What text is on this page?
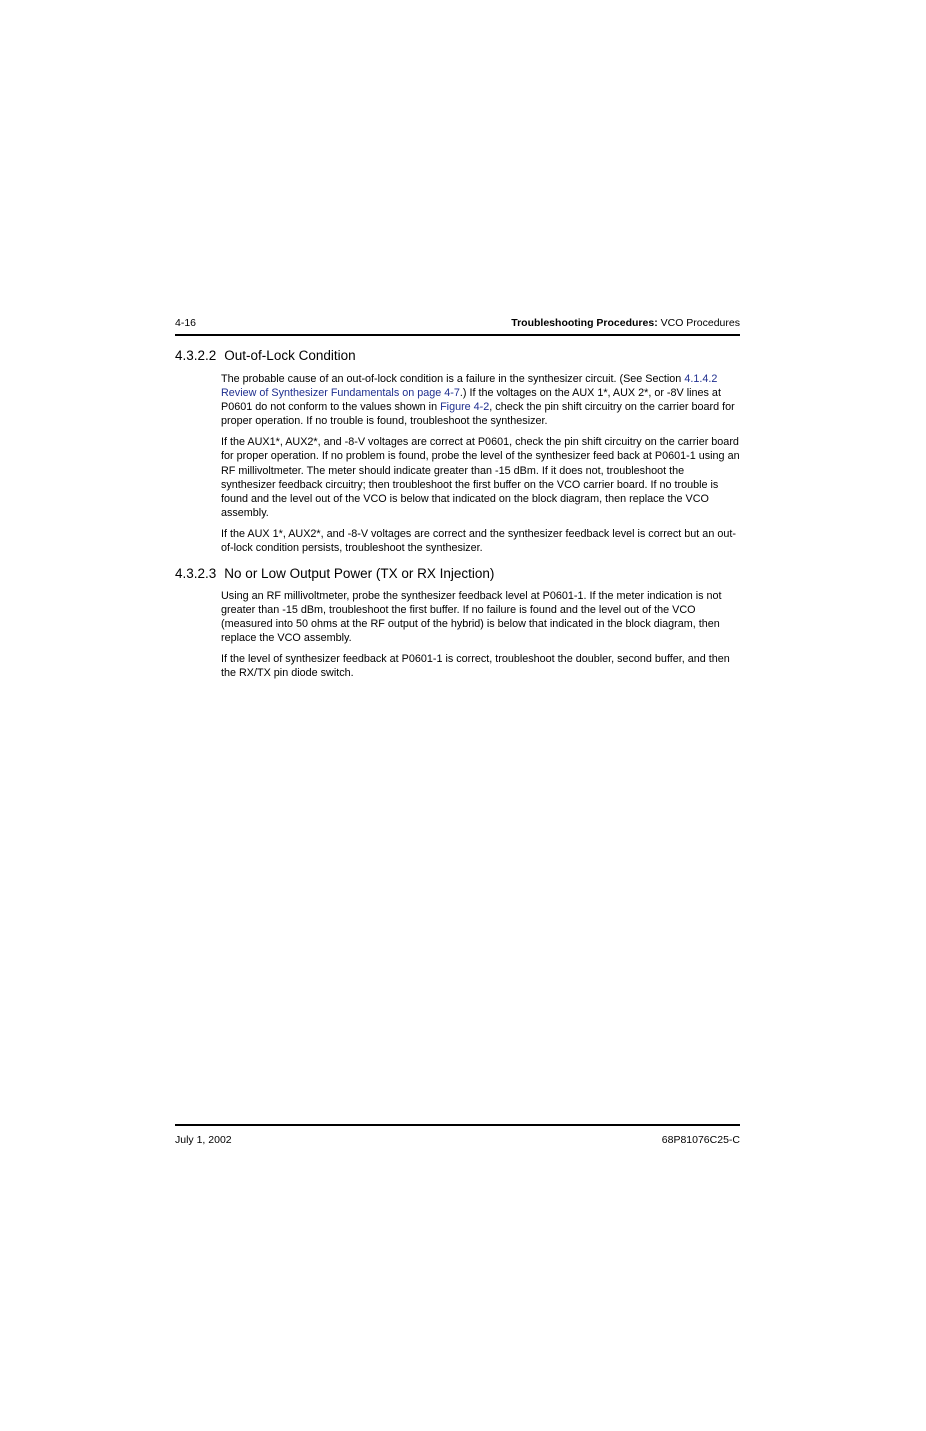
4-16	Troubleshooting Procedures: VCO Procedures
4.3.2.2 Out-of-Lock Condition

The probable cause of an out-of-lock condition is a failure in the synthesizer circuit. (See Section 4.1.4.2 Review of Synthesizer Fundamentals on page 4-7.) If the voltages on the AUX 1*, AUX 2*, or -8V lines at P0601 do not conform to the values shown in Figure 4-2, check the pin shift circuitry on the carrier board for proper operation. If no trouble is found, troubleshoot the synthesizer.

If the AUX1*, AUX2*, and -8-V voltages are correct at P0601, check the pin shift circuitry on the carrier board for proper operation. If no problem is found, probe the level of the synthesizer feed back at P0601-1 using an RF millivoltmeter. The meter should indicate greater than -15 dBm. If it does not, troubleshoot the synthesizer feedback circuitry; then troubleshoot the first buffer on the VCO carrier board. If no trouble is found and the level out of the VCO is below that indicated on the block diagram, then replace the VCO assembly.

If the AUX 1*, AUX2*, and -8-V voltages are correct and the synthesizer feedback level is correct but an out-of-lock condition persists, troubleshoot the synthesizer.

4.3.2.3 No or Low Output Power (TX or RX Injection)

Using an RF millivoltmeter, probe the synthesizer feedback level at P0601-1. If the meter indication is not greater than -15 dBm, troubleshoot the first buffer. If no failure is found and the level out of the VCO (measured into 50 ohms at the RF output of the hybrid) is below that indicated in the block diagram, then replace the VCO assembly.

If the level of synthesizer feedback at P0601-1 is correct, troubleshoot the doubler, second buffer, and then the RX/TX pin diode switch.

July 1, 2002	68P81076C25-C
